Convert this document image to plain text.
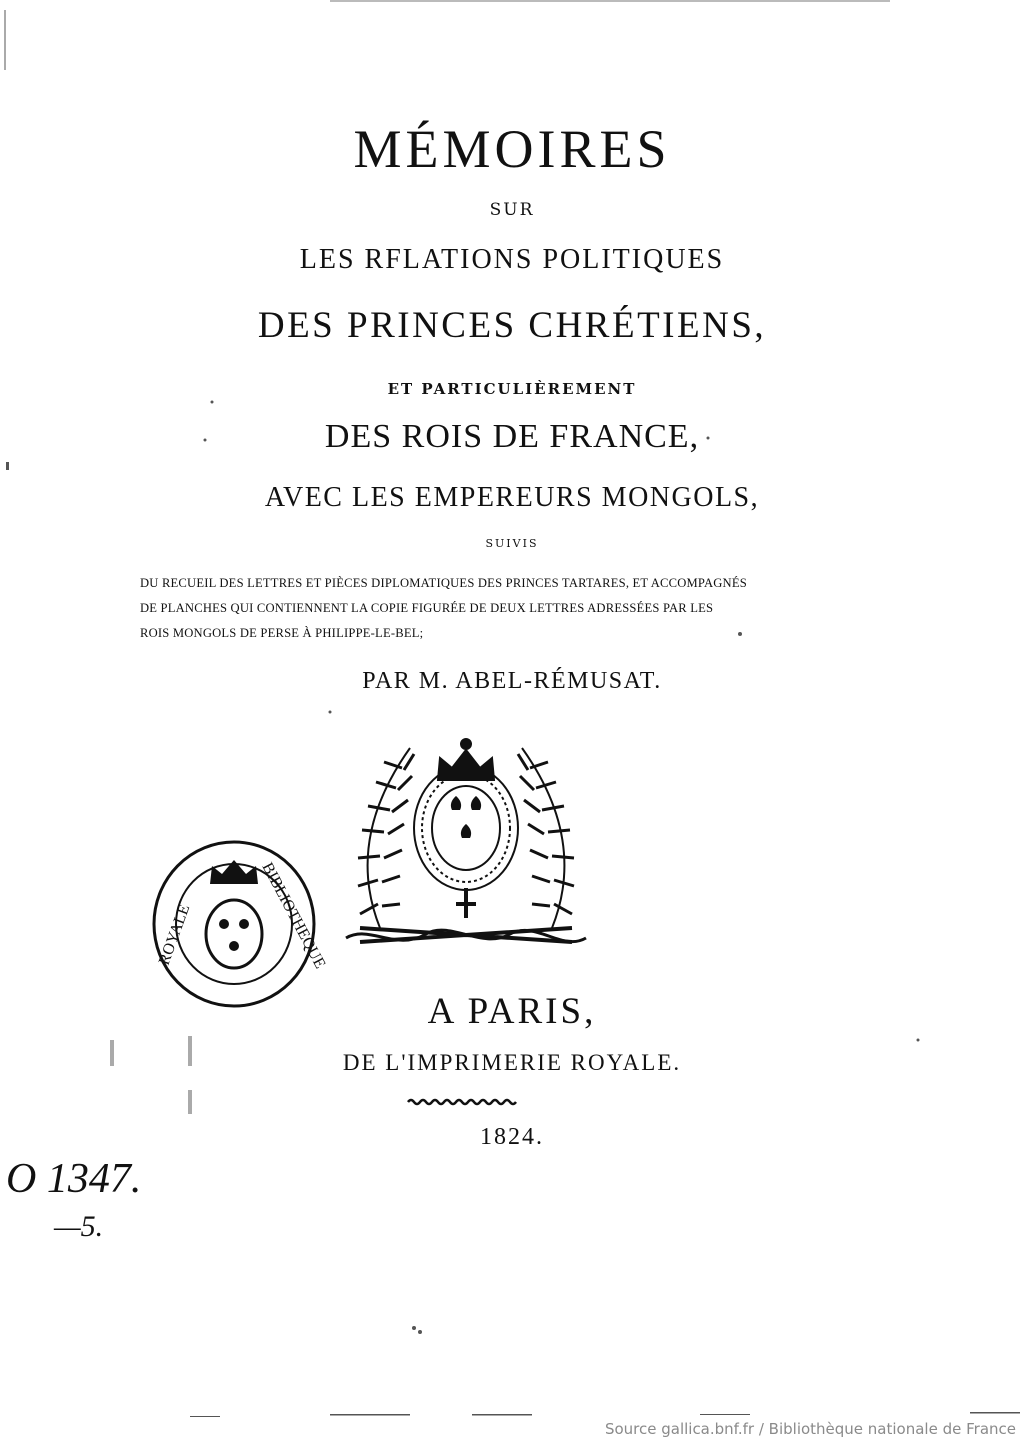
MÉMOIRES
SUR
LES RFLATIONS POLITIQUES
DES PRINCES CHRÉTIENS,
ET PARTICULIÈREMENT
DES ROIS DE FRANCE,
AVEC LES EMPEREURS MONGOLS,
SUIVIS
DU RECUEIL DES LETTRES ET PIÈCES DIPLOMATIQUES DES PRINCES TARTARES, ET ACCOMPAGNÉS
DE PLANCHES QUI CONTIENNENT LA COPIE FIGURÉE DE DEUX LETTRES ADRESSÉES PAR LES
ROIS MONGOLS DE PERSE À PHILIPPE-LE-BEL;
PAR M. ABEL-RÉMUSAT.
ROYALE	BIBLIOTHEQUE
A PARIS,
DE L'IMPRIMERIE ROYALE.
1824.
O 1347.
—5.
Source gallica.bnf.fr / Bibliothèque nationale de France
